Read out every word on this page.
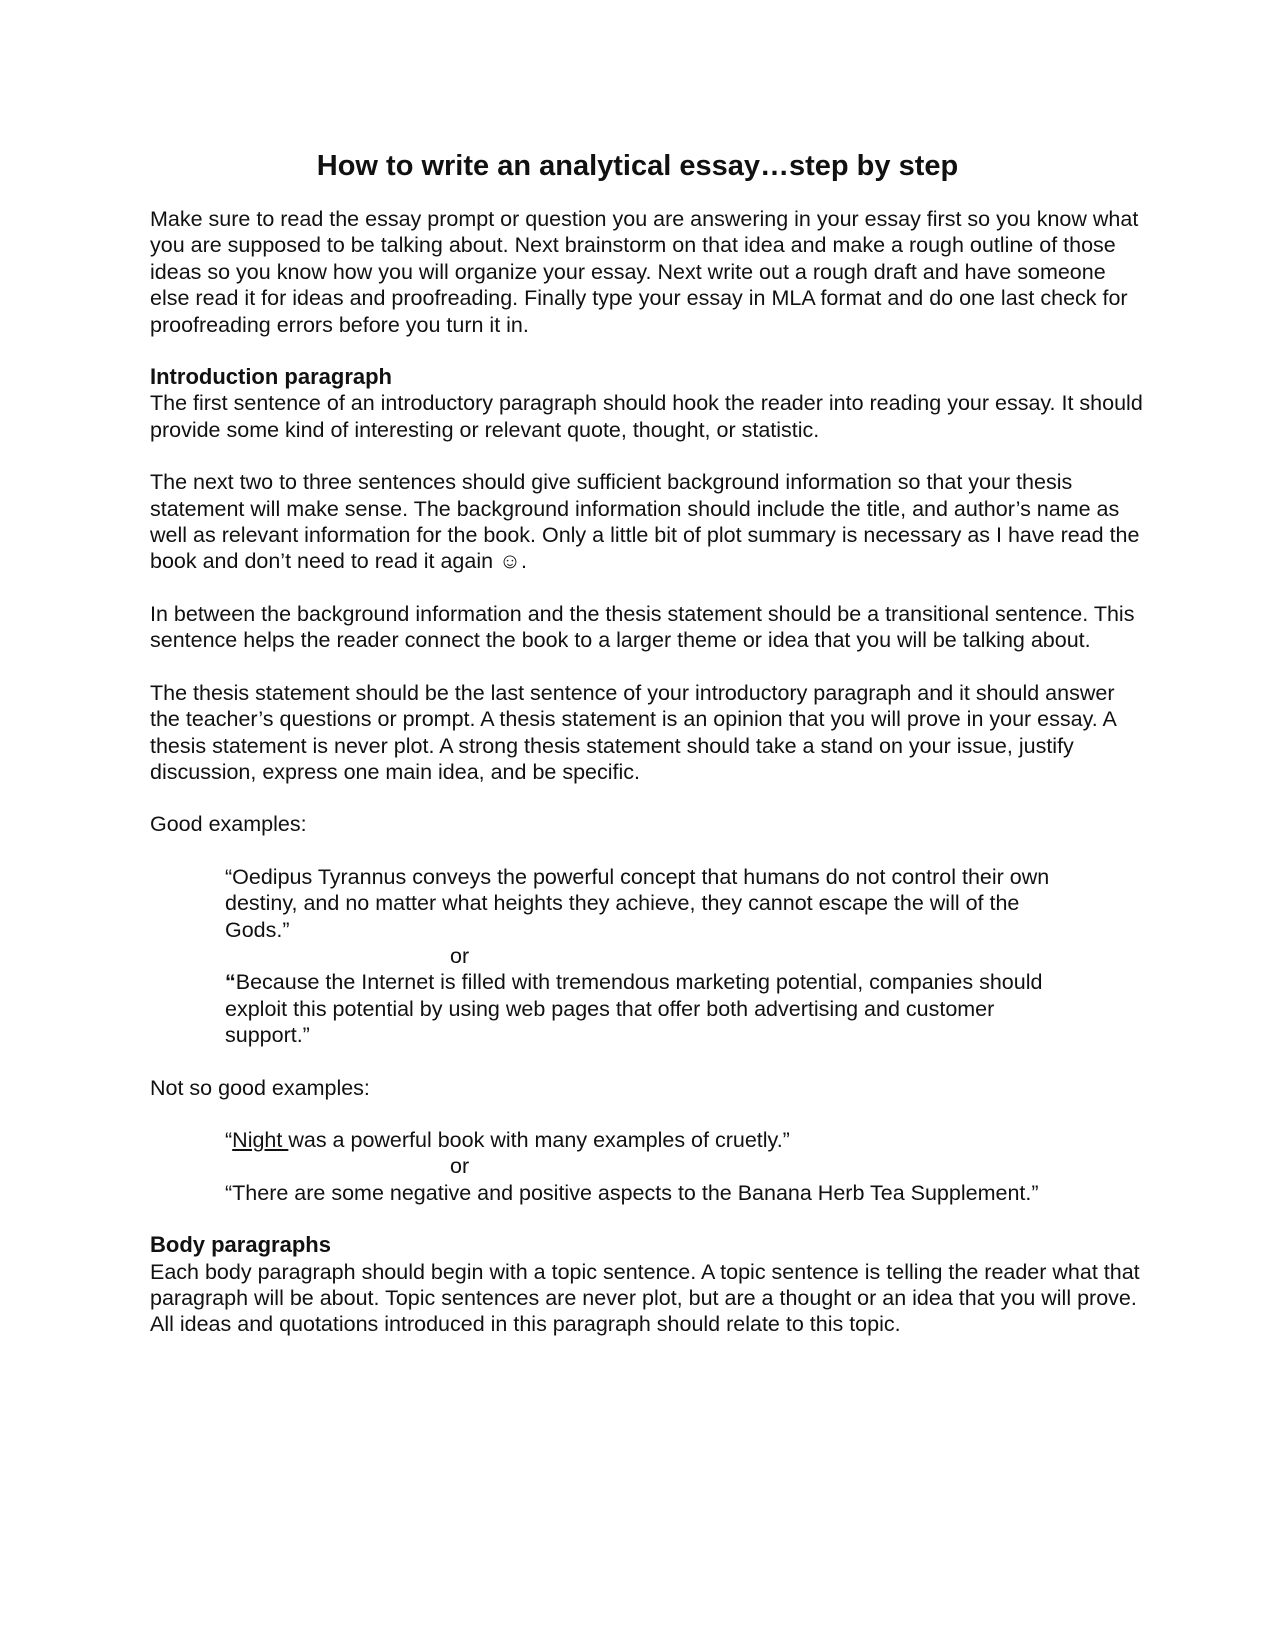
How to write an analytical essay…step by step

Make sure to read the essay prompt or question you are answering in your essay first so you know what you are supposed to be talking about. Next brainstorm on that idea and make a rough outline of those ideas so you know how you will organize your essay. Next write out a rough draft and have someone else read it for ideas and proofreading. Finally type your essay in MLA format and do one last check for proofreading errors before you turn it in.

Introduction paragraph

The first sentence of an introductory paragraph should hook the reader into reading your essay. It should provide some kind of interesting or relevant quote, thought, or statistic.

The next two to three sentences should give sufficient background information so that your thesis statement will make sense. The background information should include the title, and author’s name as well as relevant information for the book. Only a little bit of plot summary is necessary as I have read the book and don’t need to read it again ☺.

In between the background information and the thesis statement should be a transitional sentence. This sentence helps the reader connect the book to a larger theme or idea that you will be talking about.

The thesis statement should be the last sentence of your introductory paragraph and it should answer the teacher’s questions or prompt. A thesis statement is an opinion that you will prove in your essay. A thesis statement is never plot. A strong thesis statement should take a stand on your issue, justify discussion, express one main idea, and be specific.

Good examples:

“Oedipus Tyrannus conveys the powerful concept that humans do not control their own destiny, and no matter what heights they achieve, they cannot escape the will of the Gods.”

or

“Because the Internet is filled with tremendous marketing potential, companies should exploit this potential by using web pages that offer both advertising and customer support.”

Not so good examples:

“Night was a powerful book with many examples of cruetly.”

or

“There are some negative and positive aspects to the Banana Herb Tea Supplement.”

Body paragraphs

Each body paragraph should begin with a topic sentence. A topic sentence is telling the reader what that paragraph will be about. Topic sentences are never plot, but are a thought or an idea that you will prove. All ideas and quotations introduced in this paragraph should relate to this topic.
